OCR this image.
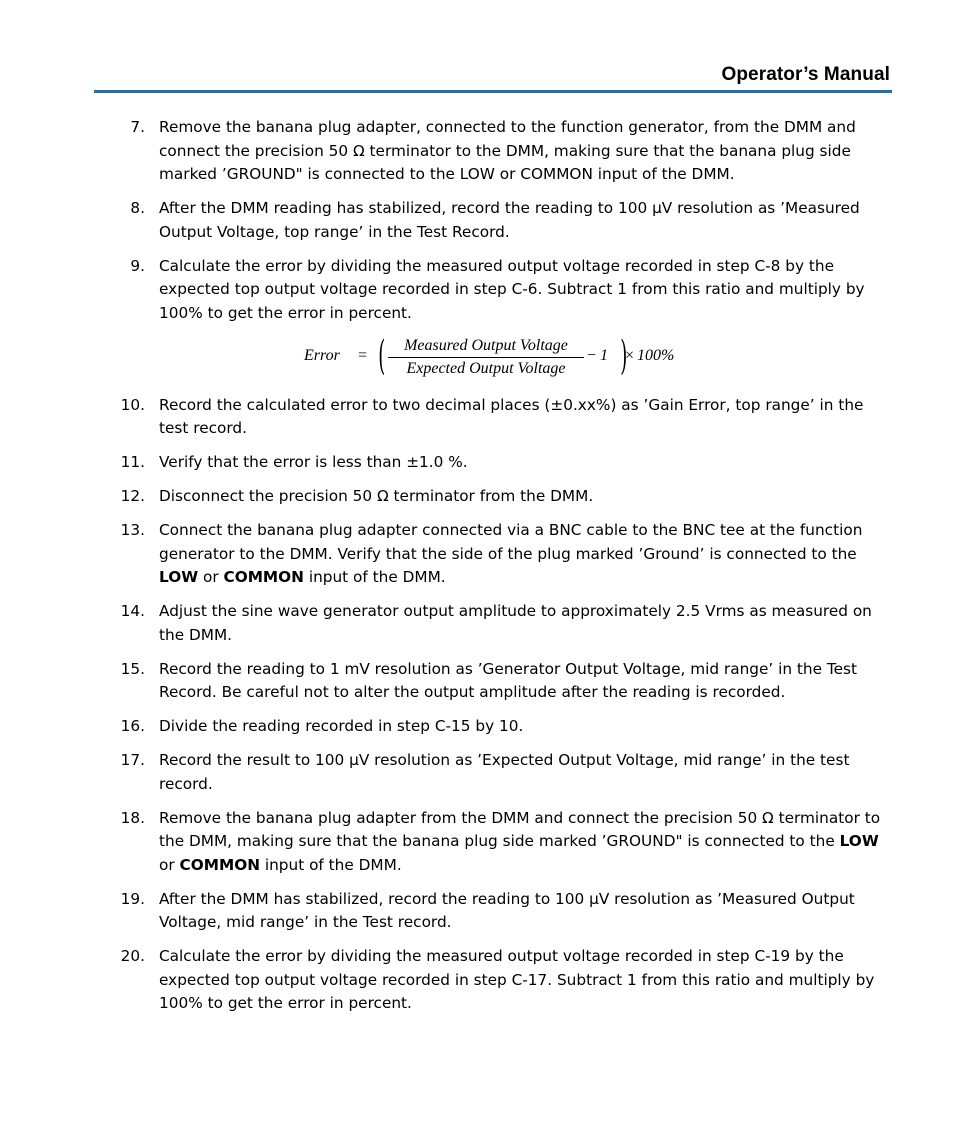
Operator’s Manual
7. Remove the banana plug adapter, connected to the function generator, from the DMM and connect the precision 50 Ω terminator to the DMM, making sure that the banana plug side marked ’GROUND" is connected to the LOW or COMMON input of the DMM.
8. After the DMM reading has stabilized, record the reading to 100 µV resolution as ’Measured Output Voltage, top range’ in the Test Record.
9. Calculate the error by dividing the measured output voltage recorded in step C-8 by the expected top output voltage recorded in step C-6. Subtract 1 from this ratio and multiply by 100% to get the error in percent.
Error = (	Measured Output Voltage
Expected Output Voltage
− 1 )
× 100%
10. Record the calculated error to two decimal places (±0.xx%) as ’Gain Error, top range’ in the test record.
11. Verify that the error is less than ±1.0 %.
12. Disconnect the precision 50 Ω terminator from the DMM.
13. Connect the banana plug adapter connected via a BNC cable to the BNC tee at the function generator to the DMM. Verify that the side of the plug marked ’Ground’ is connected to the LOW or COMMON input of the DMM.
14. Adjust the sine wave generator output amplitude to approximately 2.5 Vrms as measured on the DMM.
15. Record the reading to 1 mV resolution as ’Generator Output Voltage, mid range’ in the Test Record. Be careful not to alter the output amplitude after the reading is recorded.
16. Divide the reading recorded in step C-15 by 10.
17. Record the result to 100 µV resolution as ’Expected Output Voltage, mid range’ in the test record.
18. Remove the banana plug adapter from the DMM and connect the precision 50 Ω terminator to the DMM, making sure that the banana plug side marked ’GROUND" is connected to the LOW or COMMON input of the DMM.
19. After the DMM has stabilized, record the reading to 100 µV resolution as ’Measured Output Voltage, mid range’ in the Test record.
20. Calculate the error by dividing the measured output voltage recorded in step C-19 by the expected top output voltage recorded in step C-17. Subtract 1 from this ratio and multiply by 100% to get the error in percent.
